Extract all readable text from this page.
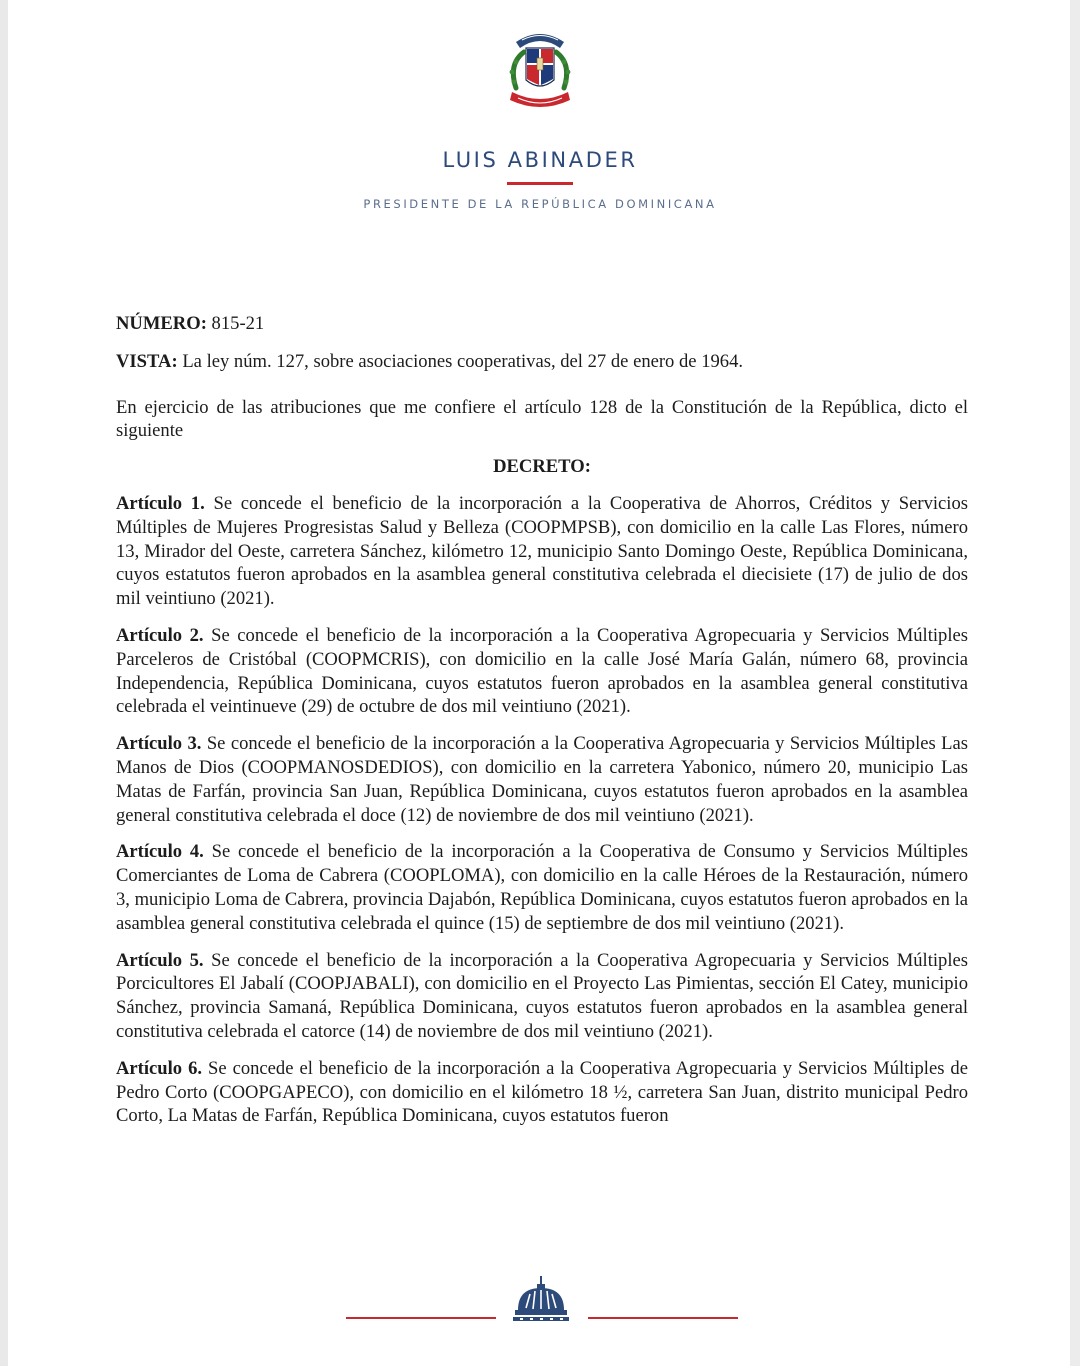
LUIS ABINADER
PRESIDENTE DE LA REPÚBLICA DOMINICANA

NÚMERO: 815-21

VISTA: La ley núm. 127, sobre asociaciones cooperativas, del 27 de enero de 1964.

En ejercicio de las atribuciones que me confiere el artículo 128 de la Constitución de la República, dicto el siguiente

DECRETO:

Artículo 1. Se concede el beneficio de la incorporación a la Cooperativa de Ahorros, Créditos y Servicios Múltiples de Mujeres Progresistas Salud y Belleza (COOPMPSB), con domicilio en la calle Las Flores, número 13, Mirador del Oeste, carretera Sánchez, kilómetro 12, municipio Santo Domingo Oeste, República Dominicana, cuyos estatutos fueron aprobados en la asamblea general constitutiva celebrada el diecisiete (17) de julio de dos mil veintiuno (2021).

Artículo 2. Se concede el beneficio de la incorporación a la Cooperativa Agropecuaria y Servicios Múltiples Parceleros de Cristóbal (COOPMCRIS), con domicilio en la calle José María Galán, número 68, provincia Independencia, República Dominicana, cuyos estatutos fueron aprobados en la asamblea general constitutiva celebrada el veintinueve (29) de octubre de dos mil veintiuno (2021).

Artículo 3. Se concede el beneficio de la incorporación a la Cooperativa Agropecuaria y Servicios Múltiples Las Manos de Dios (COOPMANOSDEDIOS), con domicilio en la carretera Yabonico, número 20, municipio Las Matas de Farfán, provincia San Juan, República Dominicana, cuyos estatutos fueron aprobados en la asamblea general constitutiva celebrada el doce (12) de noviembre de dos mil veintiuno (2021).

Artículo 4. Se concede el beneficio de la incorporación a la Cooperativa de Consumo y Servicios Múltiples Comerciantes de Loma de Cabrera (COOPLOMA), con domicilio en la calle Héroes de la Restauración, número 3, municipio Loma de Cabrera, provincia Dajabón, República Dominicana, cuyos estatutos fueron aprobados en la asamblea general constitutiva celebrada el quince (15) de septiembre de dos mil veintiuno (2021).

Artículo 5. Se concede el beneficio de la incorporación a la Cooperativa Agropecuaria y Servicios Múltiples Porcicultores El Jabalí (COOPJABALI), con domicilio en el Proyecto Las Pimientas, sección El Catey, municipio Sánchez, provincia Samaná, República Dominicana, cuyos estatutos fueron aprobados en la asamblea general constitutiva celebrada el catorce (14) de noviembre de dos mil veintiuno (2021).

Artículo 6. Se concede el beneficio de la incorporación a la Cooperativa Agropecuaria y Servicios Múltiples de Pedro Corto (COOPGAPECO), con domicilio en el kilómetro 18 ½, carretera San Juan, distrito municipal Pedro Corto, La Matas de Farfán, República Dominicana, cuyos estatutos fueron
